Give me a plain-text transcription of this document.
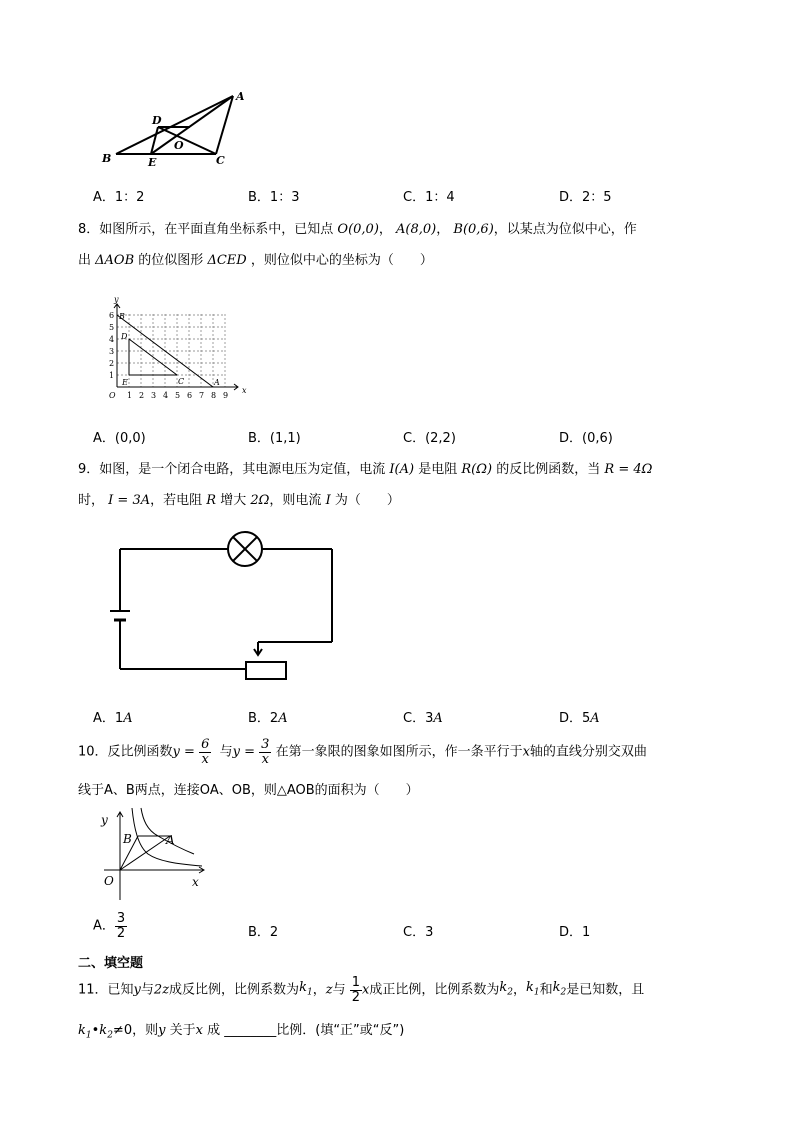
A
D
O
B	E	C
A．1：2	B．1：3	C．1：4	D．2：5
8．如图所示，在平面直角坐标系中，已知点 O(0,0)， A(8,0)， B(0,6)，以某点为位似中心，作
出 ΔAOB 的位似图形 ΔCED ，则位似中心的坐标为（　　）
y
x
O 1 2 3 4 5 6 7 8 9
1
2
3
4
5
6 B
D
E	C	A
A．(0,0)	B．(1,1)	C．(2,2)	D．(0,6)
9．如图，是一个闭合电路，其电源电压为定值，电流 I(A) 是电阻 R(Ω) 的反比例函数，当 R = 4Ω
时， I = 3A，若电阻 R 增大 2Ω，则电流 I 为（　　）
A．1A	B．2A	C．3A	D．5A
10．反比例函数$y = \frac{6}{x}$ 与$y = \frac{3}{x}$ 在第一象限的图象如图所示，作一条平行于x轴的直线分别交双曲
线于A、B两点，连接OA、OB，则△AOB的面积为（　　）
y
x
O
B	A
A． $\frac{3}{2}$	B．2	C．3	D．1
二、填空题
11．已知y与2z成反比例，比例系数为$k_1$，z与 $\frac{1}{2}$ x成正比例，比例系数为$k_2$，$k_1$和$k_2$是已知数，且
$k_1•k_2\ne 0$，则y 关于x 成 ________比例．(填“正”或“反”)
